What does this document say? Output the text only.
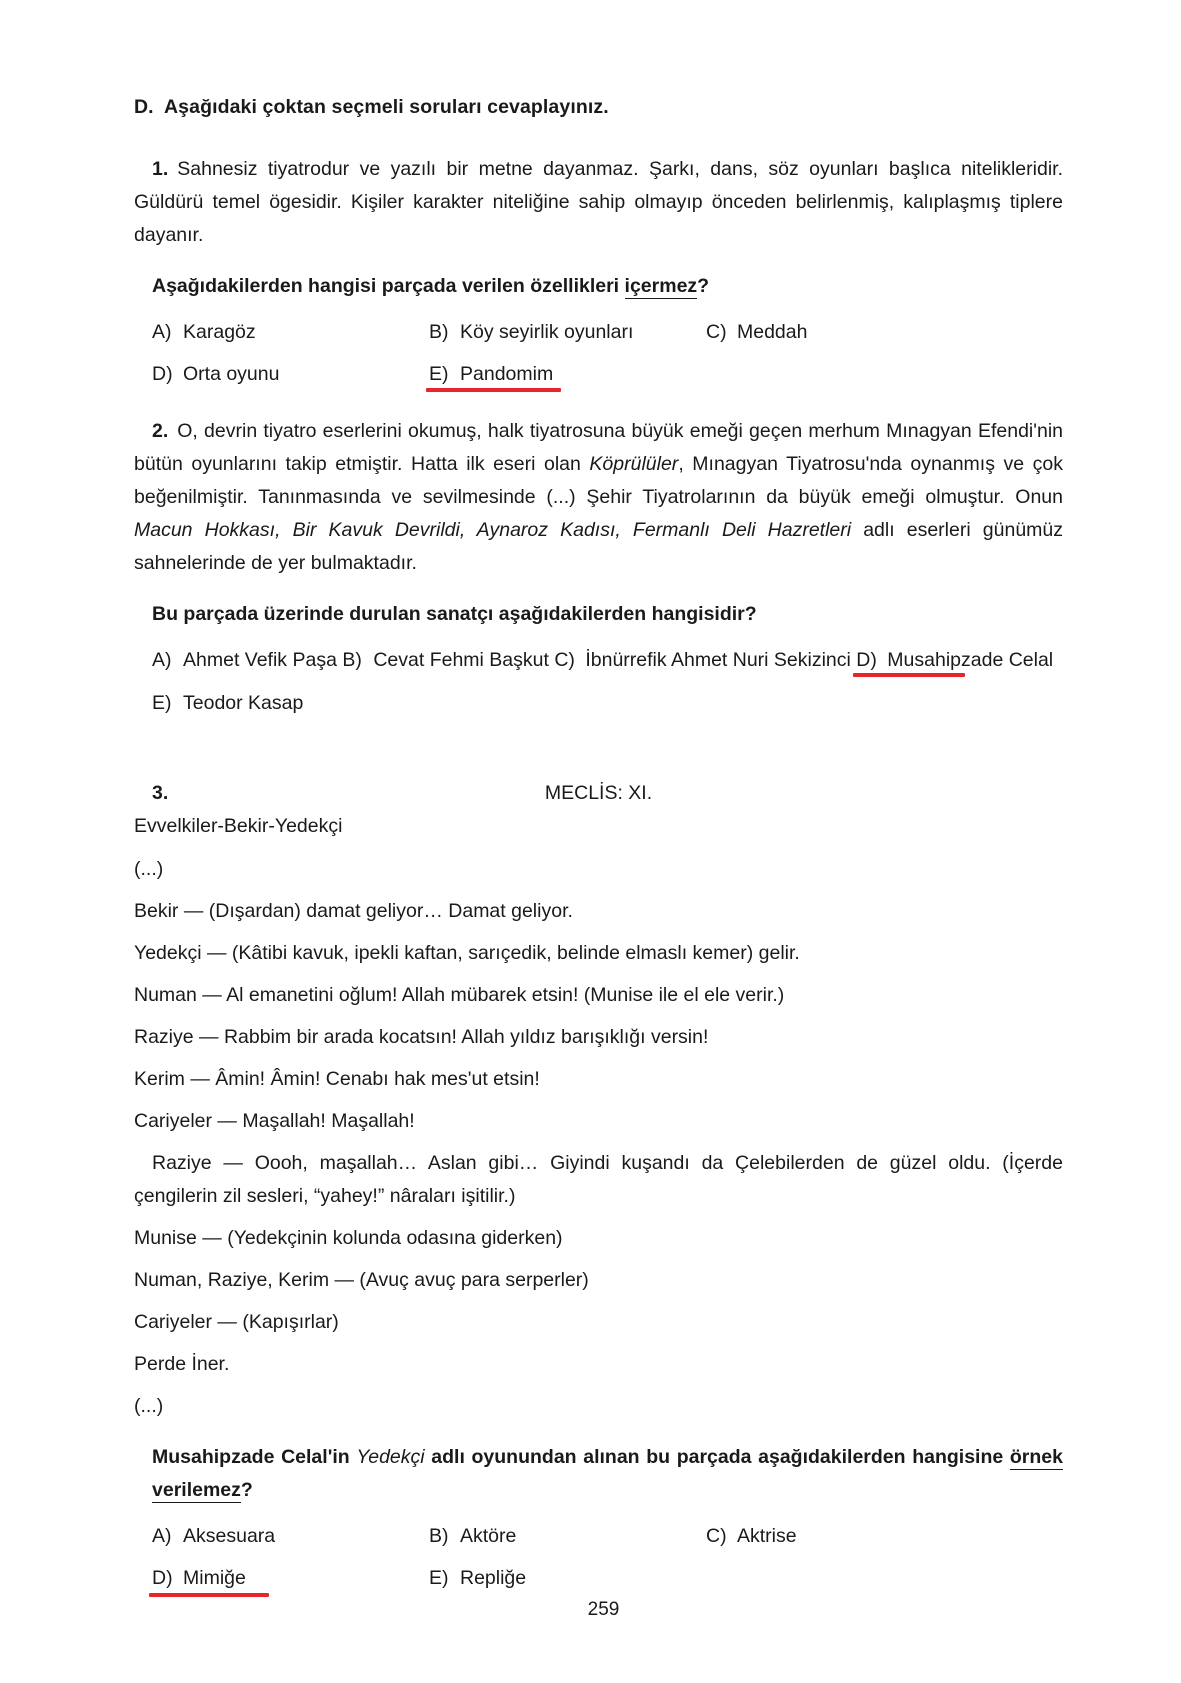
D. Aşağıdaki çoktan seçmeli soruları cevaplayınız.

1. Sahnesiz tiyatrodur ve yazılı bir metne dayanmaz. Şarkı, dans, söz oyunları başlıca nitelikleridir. Güldürü temel ögesidir. Kişiler karakter niteliğine sahip olmayıp önceden belirlenmiş, kalıplaşmış tiplere dayanır.

Aşağıdakilerden hangisi parçada verilen özellikleri içermez?
A) Karagöz	B) Köy seyirlik oyunları	C) Meddah
D) Orta oyunu	E) Pandomim

2. O, devrin tiyatro eserlerini okumuş, halk tiyatrosuna büyük emeği geçen merhum Mınagyan Efendi'nin bütün oyunlarını takip etmiştir. Hatta ilk eseri olan Köprülüler, Mınagyan Tiyatrosu'nda oynanmış ve çok beğenilmiştir. Tanınmasında ve sevilmesinde (...) Şehir Tiyatrolarının da büyük emeği olmuştur. Onun Macun Hokkası, Bir Kavuk Devrildi, Aynaroz Kadısı, Fermanlı Deli Hazretleri adlı eserleri günümüz sahnelerinde de yer bulmaktadır.

Bu parçada üzerinde durulan sanatçı aşağıdakilerden hangisidir?
A) Ahmet Vefik Paşa B) Cevat Fehmi Başkut C) İbnürrefik Ahmet Nuri Sekizinci D) Musahipzade Celal
E) Teodor Kasap
3.	MECLİS: XI.
Evvelkiler-Bekir-Yedekçi

(...)

Bekir — (Dışardan) damat geliyor… Damat geliyor.

Yedekçi — (Kâtibi kavuk, ipekli kaftan, sarıçedik, belinde elmaslı kemer) gelir.

Numan — Al emanetini oğlum! Allah mübarek etsin! (Munise ile el ele verir.)

Raziye — Rabbim bir arada kocatsın! Allah yıldız barışıklığı versin!

Kerim — Âmin! Âmin! Cenabı hak mes'ut etsin!

Cariyeler — Maşallah! Maşallah!

Raziye — Oooh, maşallah… Aslan gibi… Giyindi kuşandı da Çelebilerden de güzel oldu. (İçerde çengilerin zil sesleri, “yahey!” nâraları işitilir.)

Munise — (Yedekçinin kolunda odasına giderken)

Numan, Raziye, Kerim — (Avuç avuç para serperler)

Cariyeler — (Kapışırlar)

Perde İner.

(...)

Musahipzade Celal'in Yedekçi adlı oyunundan alınan bu parçada aşağıdakilerden hangisine örnek verilemez?
A) Aksesuara	B) Aktöre	C) Aktrise
D) Mimiğe	E) Repliğe
259
